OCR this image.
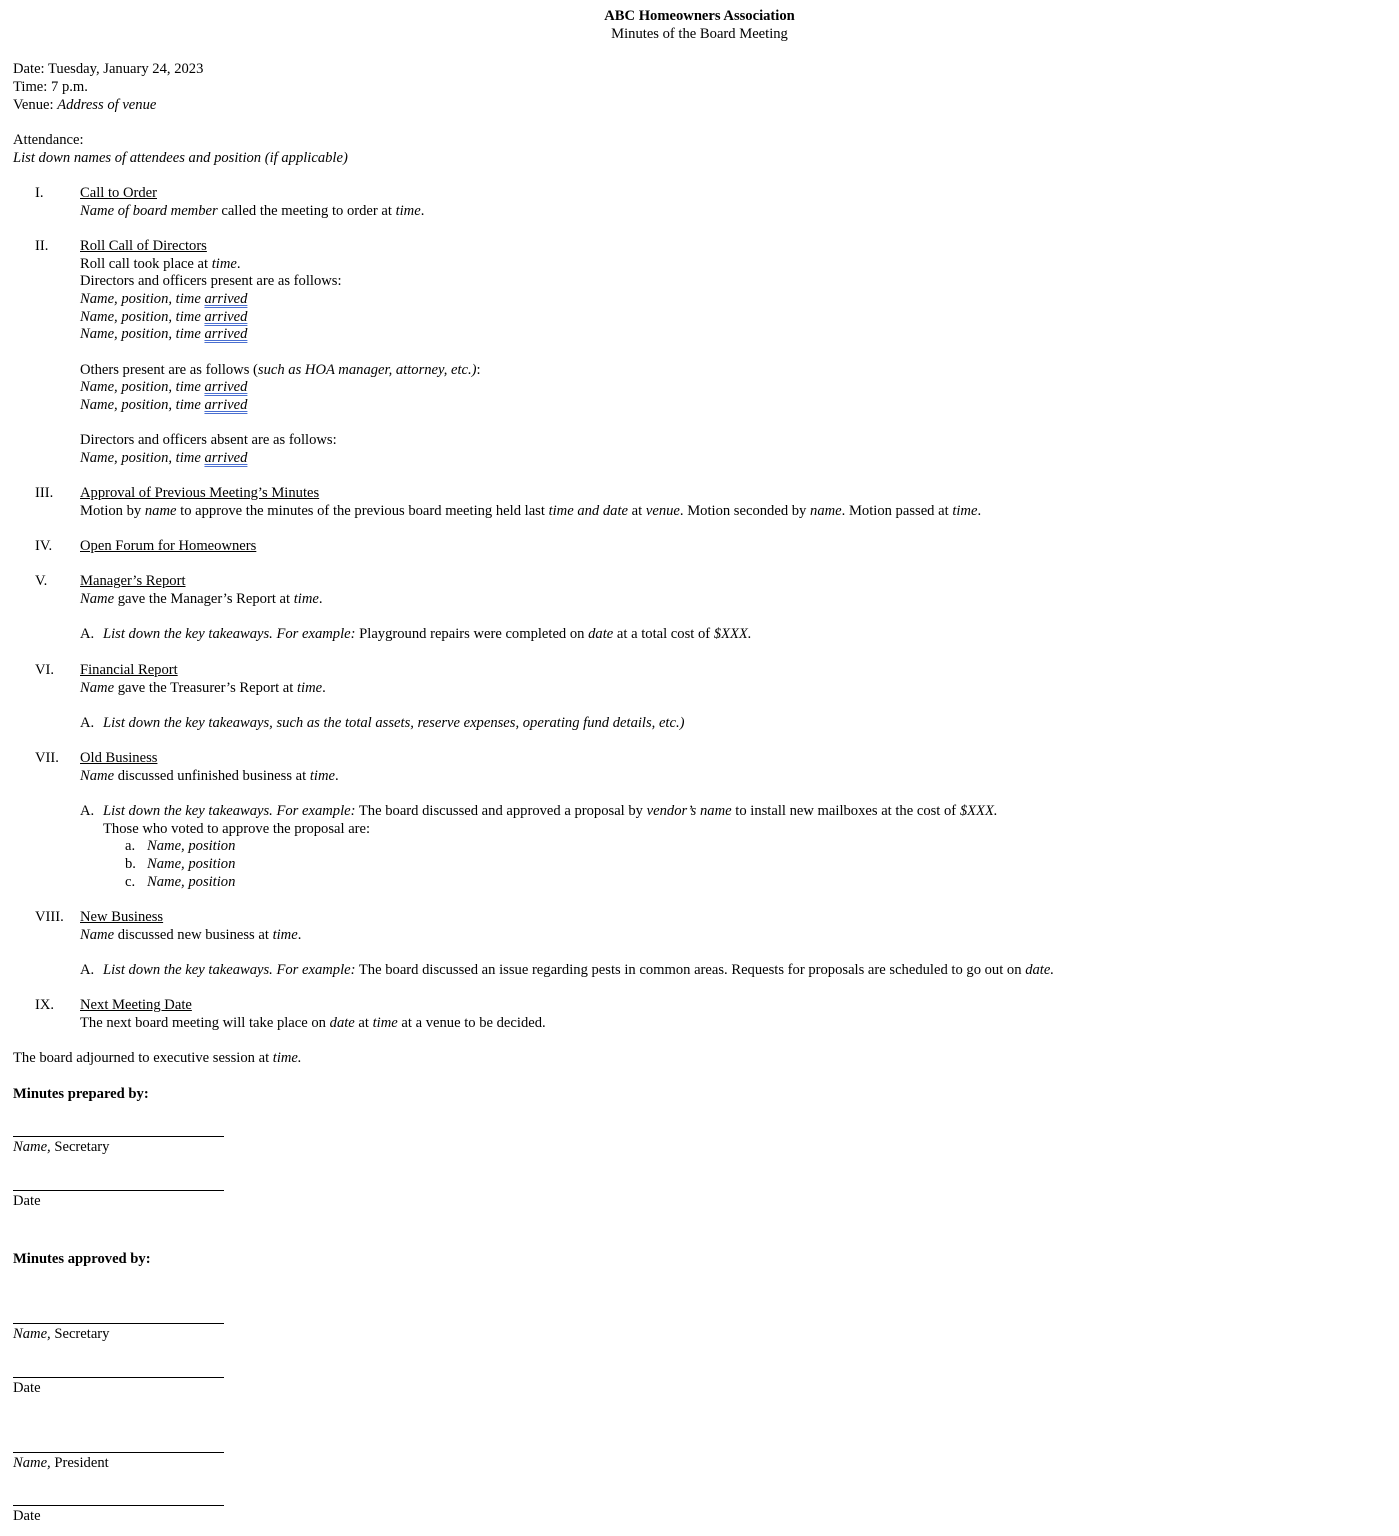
ABC Homeowners Association
Minutes of the Board Meeting
Date: Tuesday, January 24, 2023
Time: 7 p.m.
Venue: Address of venue
Attendance:
List down names of attendees and position (if applicable)
I. Call to Order
Name of board member called the meeting to order at time.
II. Roll Call of Directors
Roll call took place at time.
Directors and officers present are as follows:
Name, position, time arrived
Name, position, time arrived
Name, position, time arrived
Others present are as follows (such as HOA manager, attorney, etc.):
Name, position, time arrived
Name, position, time arrived
Directors and officers absent are as follows:
Name, position, time arrived
III. Approval of Previous Meeting’s Minutes
Motion by name to approve the minutes of the previous board meeting held last time and date at venue. Motion seconded by name. Motion passed at time.
IV. Open Forum for Homeowners
V. Manager’s Report
Name gave the Manager’s Report at time.
A. List down the key takeaways. For example: Playground repairs were completed on date at a total cost of $XXX.
VI. Financial Report
Name gave the Treasurer’s Report at time.
A. List down the key takeaways, such as the total assets, reserve expenses, operating fund details, etc.)
VII. Old Business
Name discussed unfinished business at time.
A. List down the key takeaways. For example: The board discussed and approved a proposal by vendor’s name to install new mailboxes at the cost of $XXX.
Those who voted to approve the proposal are:
a. Name, position
b. Name, position
c. Name, position
VIII. New Business
Name discussed new business at time.
A. List down the key takeaways. For example: The board discussed an issue regarding pests in common areas. Requests for proposals are scheduled to go out on date.
IX. Next Meeting Date
The next board meeting will take place on date at time at a venue to be decided.
The board adjourned to executive session at time.
Minutes prepared by:
Name, Secretary
Date
Minutes approved by:
Name, Secretary
Date
Name, President
Date
